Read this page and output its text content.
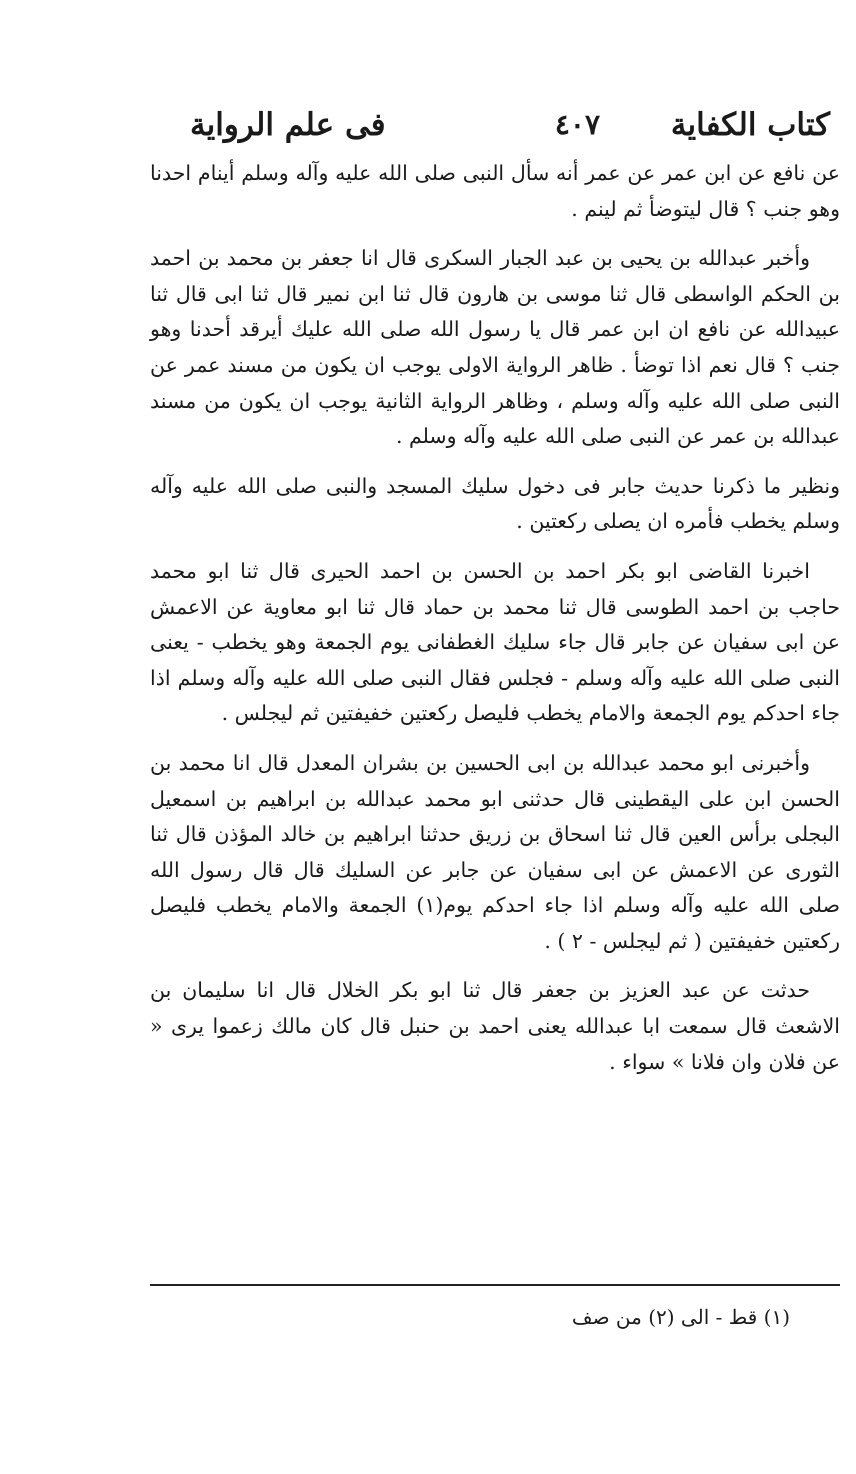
كتاب الكفاية
٤٠٧
فى علم الرواية

عن نافع عن ابن عمر عن عمر أنه سأل النبى صلى الله عليه وآله وسلم أينام احدنا وهو جنب ؟ قال ليتوضأ ثم لينم .

وأخبر عبدالله بن يحيى بن عبد الجبار السكرى قال انا جعفر بن محمد بن احمد بن الحكم الواسطى قال ثنا موسى بن هارون قال ثنا ابن نمير قال ثنا ابى قال ثنا عبيدالله عن نافع ان ابن عمر قال يا رسول الله صلى الله عليك أيرقد أحدنا وهو جنب ؟ قال نعم اذا توضأ . ظاهر الرواية الاولى يوجب ان يكون من مسند عمر عن النبى صلى الله عليه وآله وسلم ، وظاهر الرواية الثانية يوجب ان يكون من مسند عبدالله بن عمر عن النبى صلى الله عليه وآله وسلم .

ونظير ما ذكرنا حديث جابر فى دخول سليك المسجد والنبى صلى الله عليه وآله وسلم يخطب فأمره ان يصلى ركعتين .

اخبرنا القاضى ابو بكر احمد بن الحسن بن احمد الحيرى قال ثنا ابو محمد حاجب بن احمد الطوسى قال ثنا محمد بن حماد قال ثنا ابو معاوية عن الاعمش عن ابى سفيان عن جابر قال جاء سليك الغطفانى يوم الجمعة وهو يخطب - يعنى النبى صلى الله عليه وآله وسلم - فجلس فقال النبى صلى الله عليه وآله وسلم اذا جاء احدكم يوم الجمعة والامام يخطب فليصل ركعتين خفيفتين ثم ليجلس .

وأخبرنى ابو محمد عبدالله بن ابى الحسين بن بشران المعدل قال انا محمد بن الحسن ابن على اليقطينى قال حدثنى ابو محمد عبدالله بن ابراهيم بن اسمعيل البجلى برأس العين قال ثنا اسحاق بن زريق حدثنا ابراهيم بن خالد المؤذن قال ثنا الثورى عن الاعمش عن ابى سفيان عن جابر عن السليك قال قال رسول الله صلى الله عليه وآله وسلم اذا جاء احدكم يوم(١) الجمعة والامام يخطب فليصل ركعتين خفيفتين ( ثم ليجلس - ٢ ) .

حدثت عن عبد العزيز بن جعفر قال ثنا ابو بكر الخلال قال انا سليمان بن الاشعث قال سمعت ابا عبدالله يعنى احمد بن حنبل قال كان مالك زعموا يرى « عن فلان وان فلانا » سواء .

(١) قط - الى (٢) من صف
